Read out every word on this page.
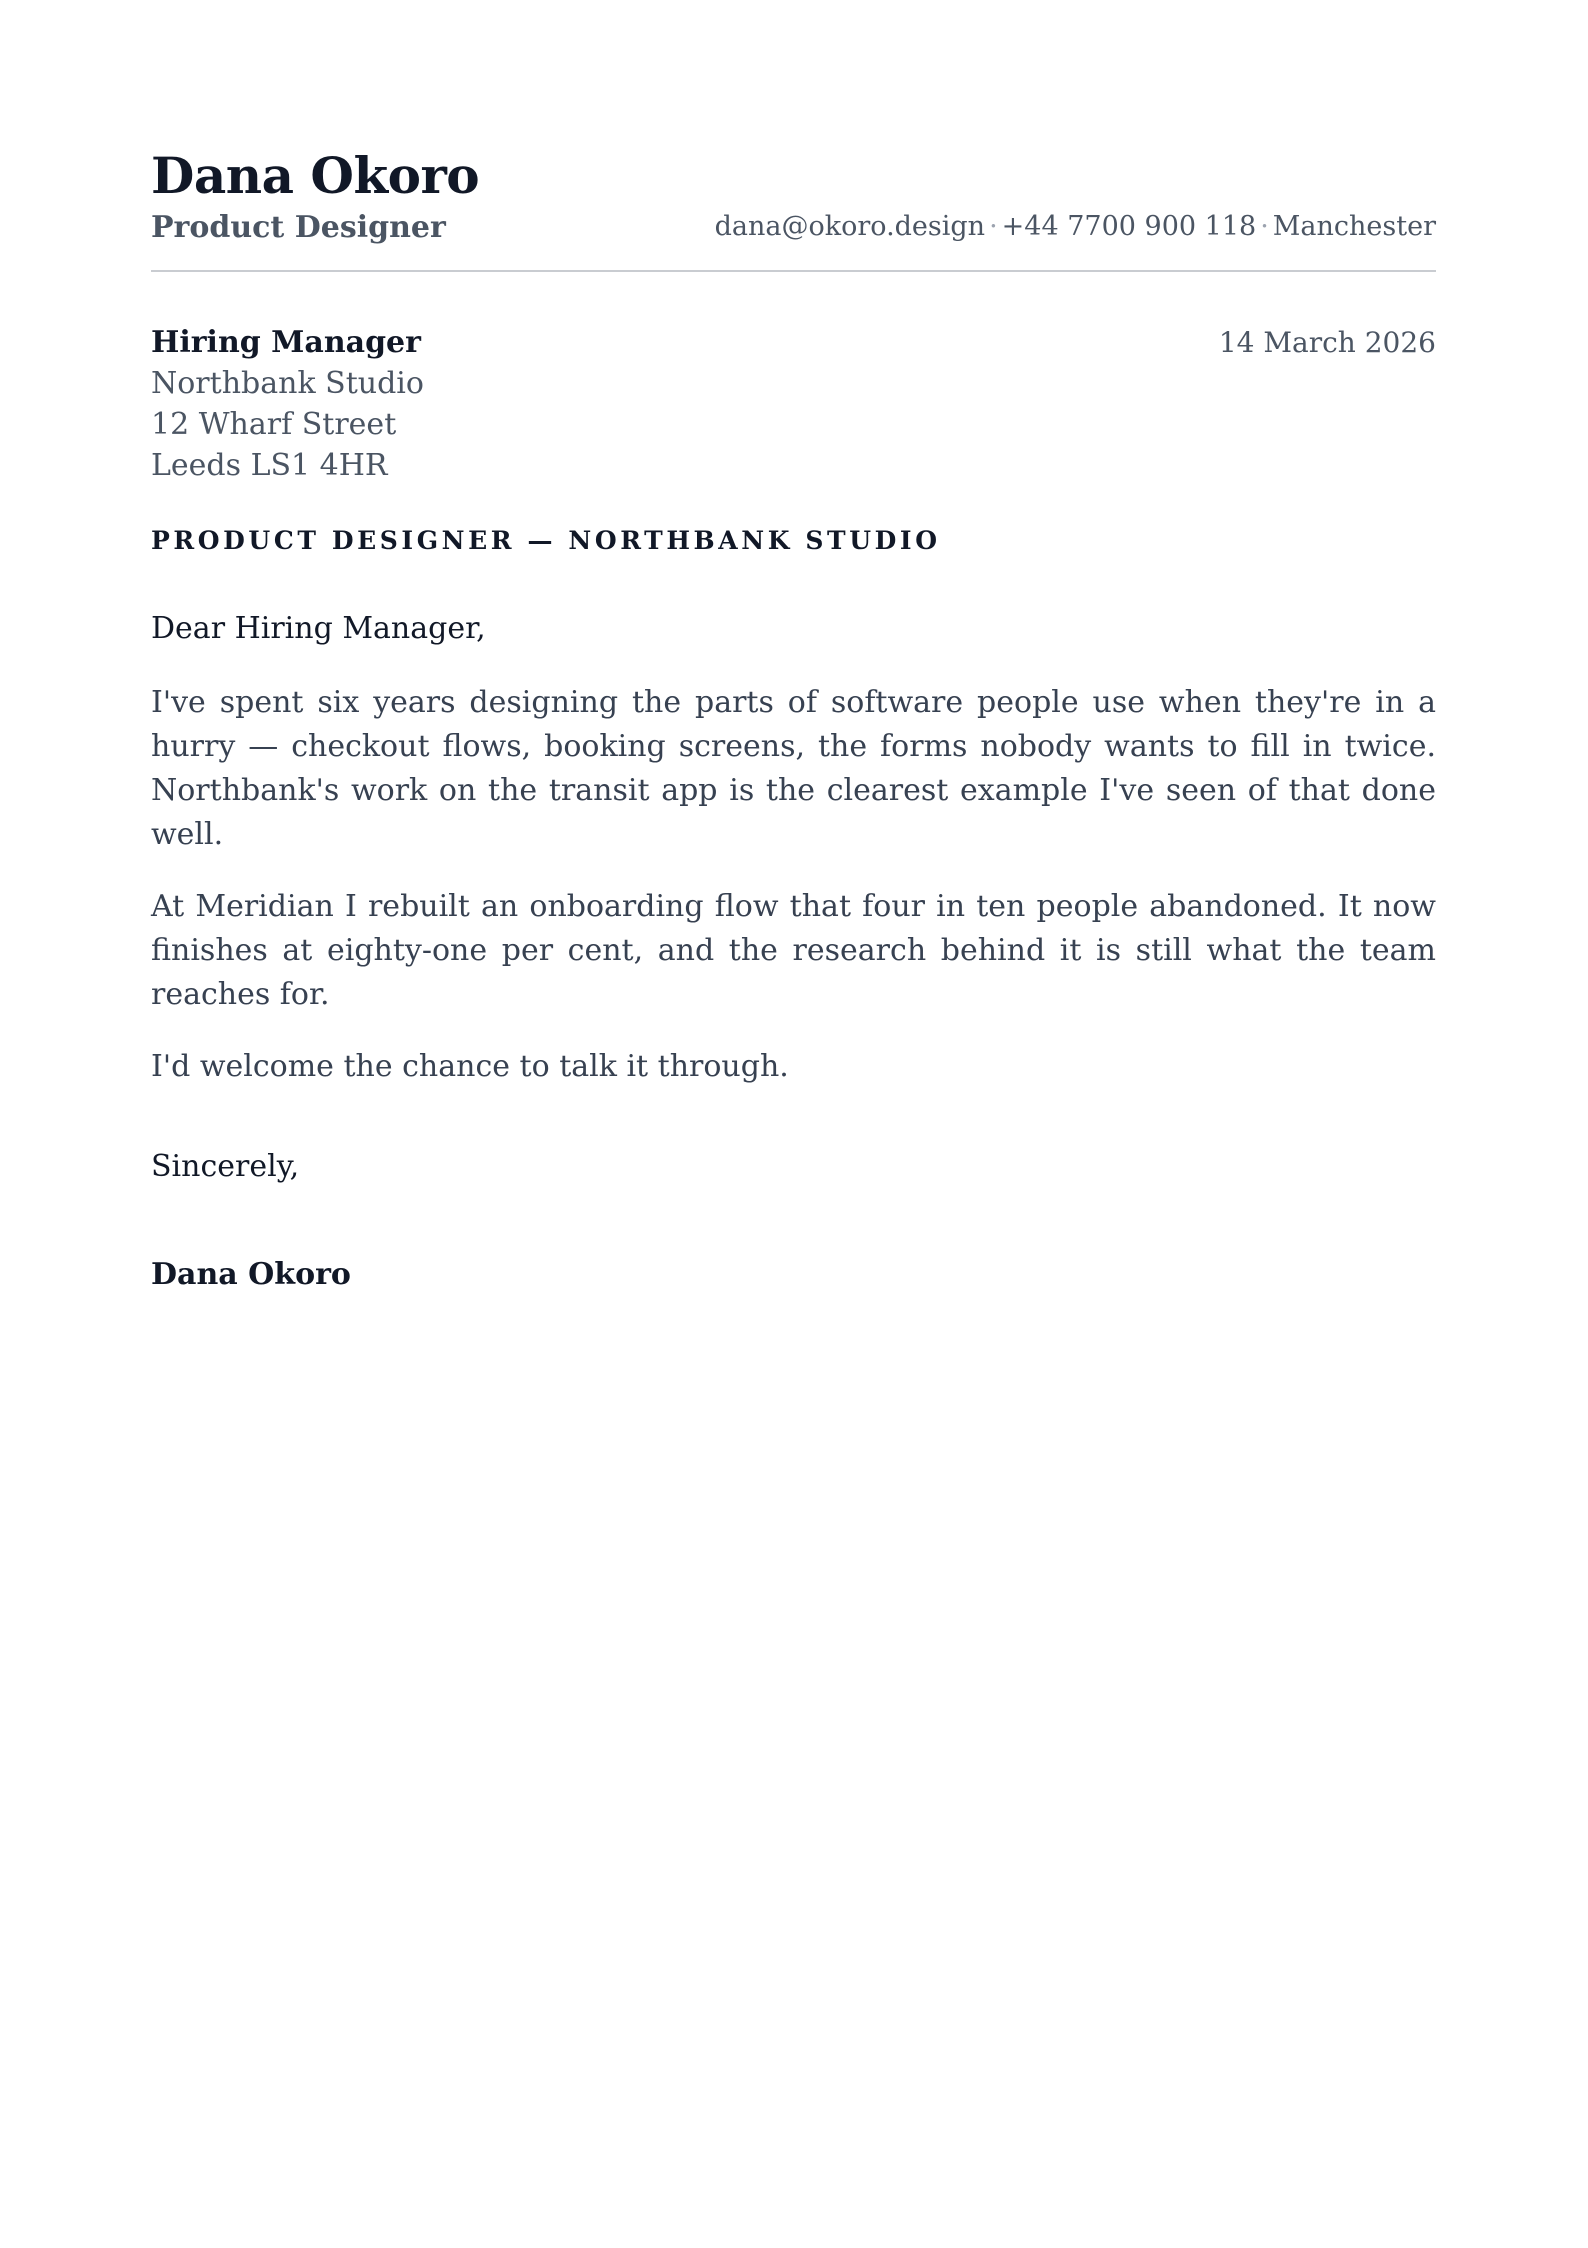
Dana Okoro
Product Designer	dana@okoro.design · +44 7700 900 118 · Manchester
Hiring Manager
Northbank Studio
12 Wharf Street
Leeds LS1 4HR
14 March 2026
PRODUCT DESIGNER — NORTHBANK STUDIO
Dear Hiring Manager,
I've spent six years designing the parts of software people use when they're in a hurry — checkout flows, booking screens, the forms nobody wants to fill in twice. Northbank's work on the transit app is the clearest example I've seen of that done well.
At Meridian I rebuilt an onboarding flow that four in ten people abandoned. It now finishes at eighty-one per cent, and the research behind it is still what the team reaches for.
I'd welcome the chance to talk it through.
Sincerely,
Dana Okoro
